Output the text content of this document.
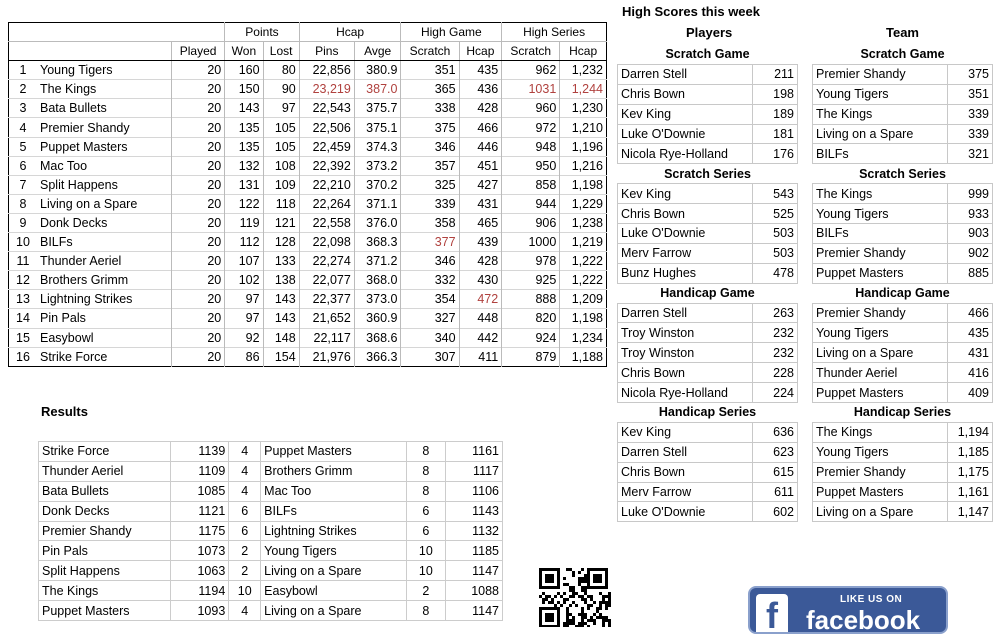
			Points		Hcap		High Game		High Series	
		Played	Won	Lost	Pins	Avge	Scratch	Hcap	Scratch	Hcap
1	Young Tigers	20	160	80	22,856	380.9	351	435	962	1,232
2	The Kings	20	150	90	23,219	387.0	365	436	1031	1,244
3	Bata Bullets	20	143	97	22,543	375.7	338	428	960	1,230
4	Premier Shandy	20	135	105	22,506	375.1	375	466	972	1,210
5	Puppet Masters	20	135	105	22,459	374.3	346	446	948	1,196
6	Mac Too	20	132	108	22,392	373.2	357	451	950	1,216
7	Split Happens	20	131	109	22,210	370.2	325	427	858	1,198
8	Living on a Spare	20	122	118	22,264	371.1	339	431	944	1,229
9	Donk Decks	20	119	121	22,558	376.0	358	465	906	1,238
10	BILFs	20	112	128	22,098	368.3	377	439	1000	1,219
11	Thunder Aeriel	20	107	133	22,274	371.2	346	428	978	1,222
12	Brothers Grimm	20	102	138	22,077	368.0	332	430	925	1,222
13	Lightning Strikes	20	97	143	22,377	373.0	354	472	888	1,209
14	Pin Pals	20	97	143	21,652	360.9	327	448	820	1,198
15	Easybowl	20	92	148	22,117	368.6	340	442	924	1,234
16	Strike Force	20	86	154	21,976	366.3	307	411	879	1,188
High Scores this week
Players	Team
Scratch Game	
Darren Stell	211
Chris Bown	198
Kev King	189
Luke O'Downie	181
Nicola Rye-Holland	176
Scratch Series	
Kev King	543
Chris Bown	525
Luke O'Downie	503
Merv Farrow	503
Bunz Hughes	478
Handicap Game	
Darren Stell	263
Troy Winston	232
Troy Winston	232
Chris Bown	228
Nicola Rye-Holland	224
Handicap Series	
Kev King	636
Darren Stell	623
Chris Bown	615
Merv Farrow	611
Luke O'Downie	602
Scratch Game	
Premier Shandy	375
Young Tigers	351
The Kings	339
Living on a Spare	339
BILFs	321
Scratch Series	
The Kings	999
Young Tigers	933
BILFs	903
Premier Shandy	902
Puppet Masters	885
Handicap Game	
Premier Shandy	466
Young Tigers	435
Living on a Spare	431
Thunder Aeriel	416
Puppet Masters	409
Handicap Series	
The Kings	1,194
Young Tigers	1,185
Premier Shandy	1,175
Puppet Masters	1,161
Living on a Spare	1,147
Results
Strike Force	1139	4	Puppet Masters	8	1161
Thunder Aeriel	1109	4	Brothers Grimm	8	1117
Bata Bullets	1085	4	Mac Too	8	1106
Donk Decks	1121	6	BILFs	6	1143
Premier Shandy	1175	6	Lightning Strikes	6	1132
Pin Pals	1073	2	Young Tigers	10	1185
Split Happens	1063	2	Living on a Spare	10	1147
The Kings	1194	10	Easybowl	2	1088
Puppet Masters	1093	4	Living on a Spare	8	1147	f	LIKE US ON
facebook
